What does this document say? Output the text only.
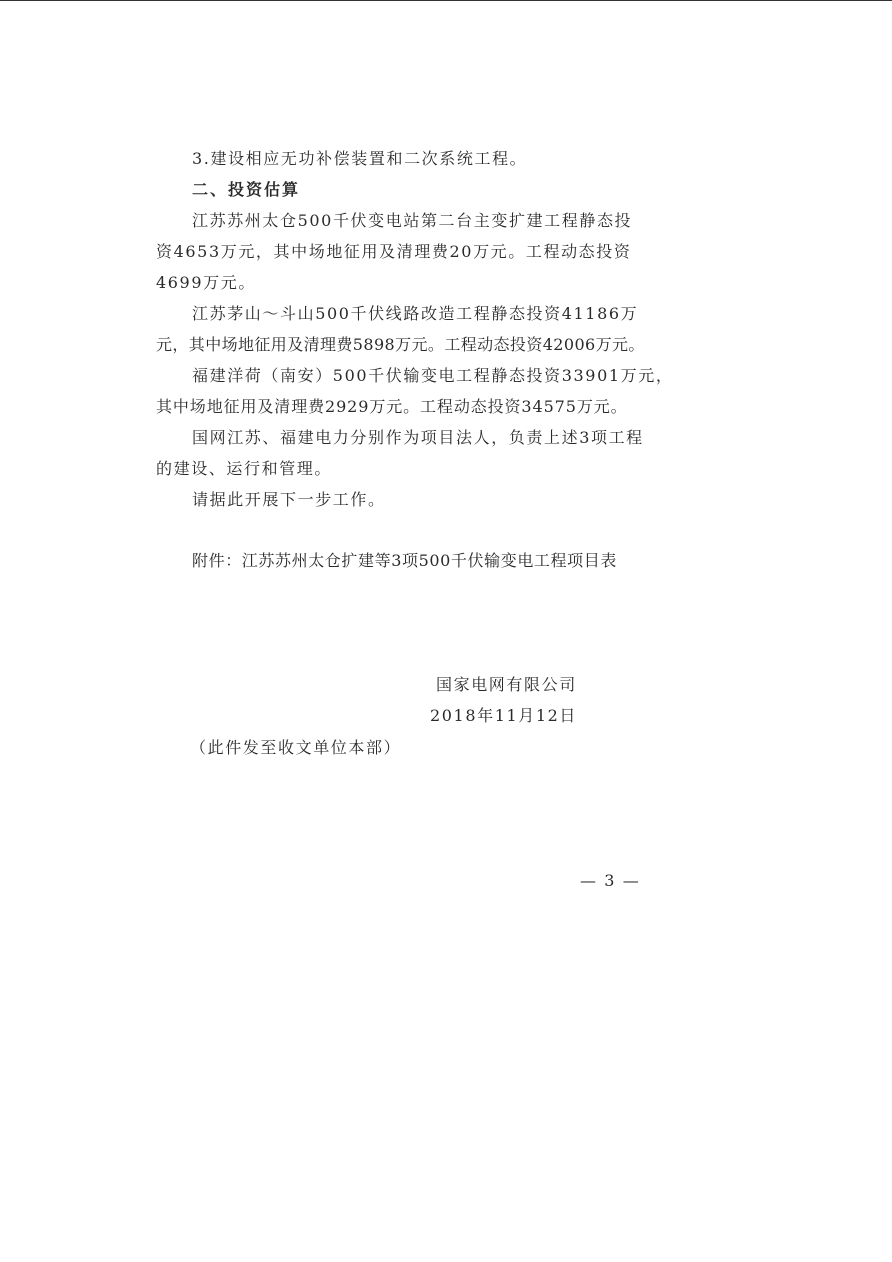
3.建设相应无功补偿装置和二次系统工程。
二、投资估算
江苏苏州太仓500千伏变电站第二台主变扩建工程静态投
资4653万元，其中场地征用及清理费20万元。工程动态投资
4699万元。
江苏茅山～斗山500千伏线路改造工程静态投资41186万
元，其中场地征用及清理费5898万元。工程动态投资42006万元。
福建洋荷（南安）500千伏输变电工程静态投资33901万元，
其中场地征用及清理费2929万元。工程动态投资34575万元。
国网江苏、福建电力分别作为项目法人，负责上述3项工程
的建设、运行和管理。
请据此开展下一步工作。
附件：江苏苏州太仓扩建等3项500千伏输变电工程项目表
国家电网有限公司
2018年11月12日
（此件发至收文单位本部）
— 3 —
